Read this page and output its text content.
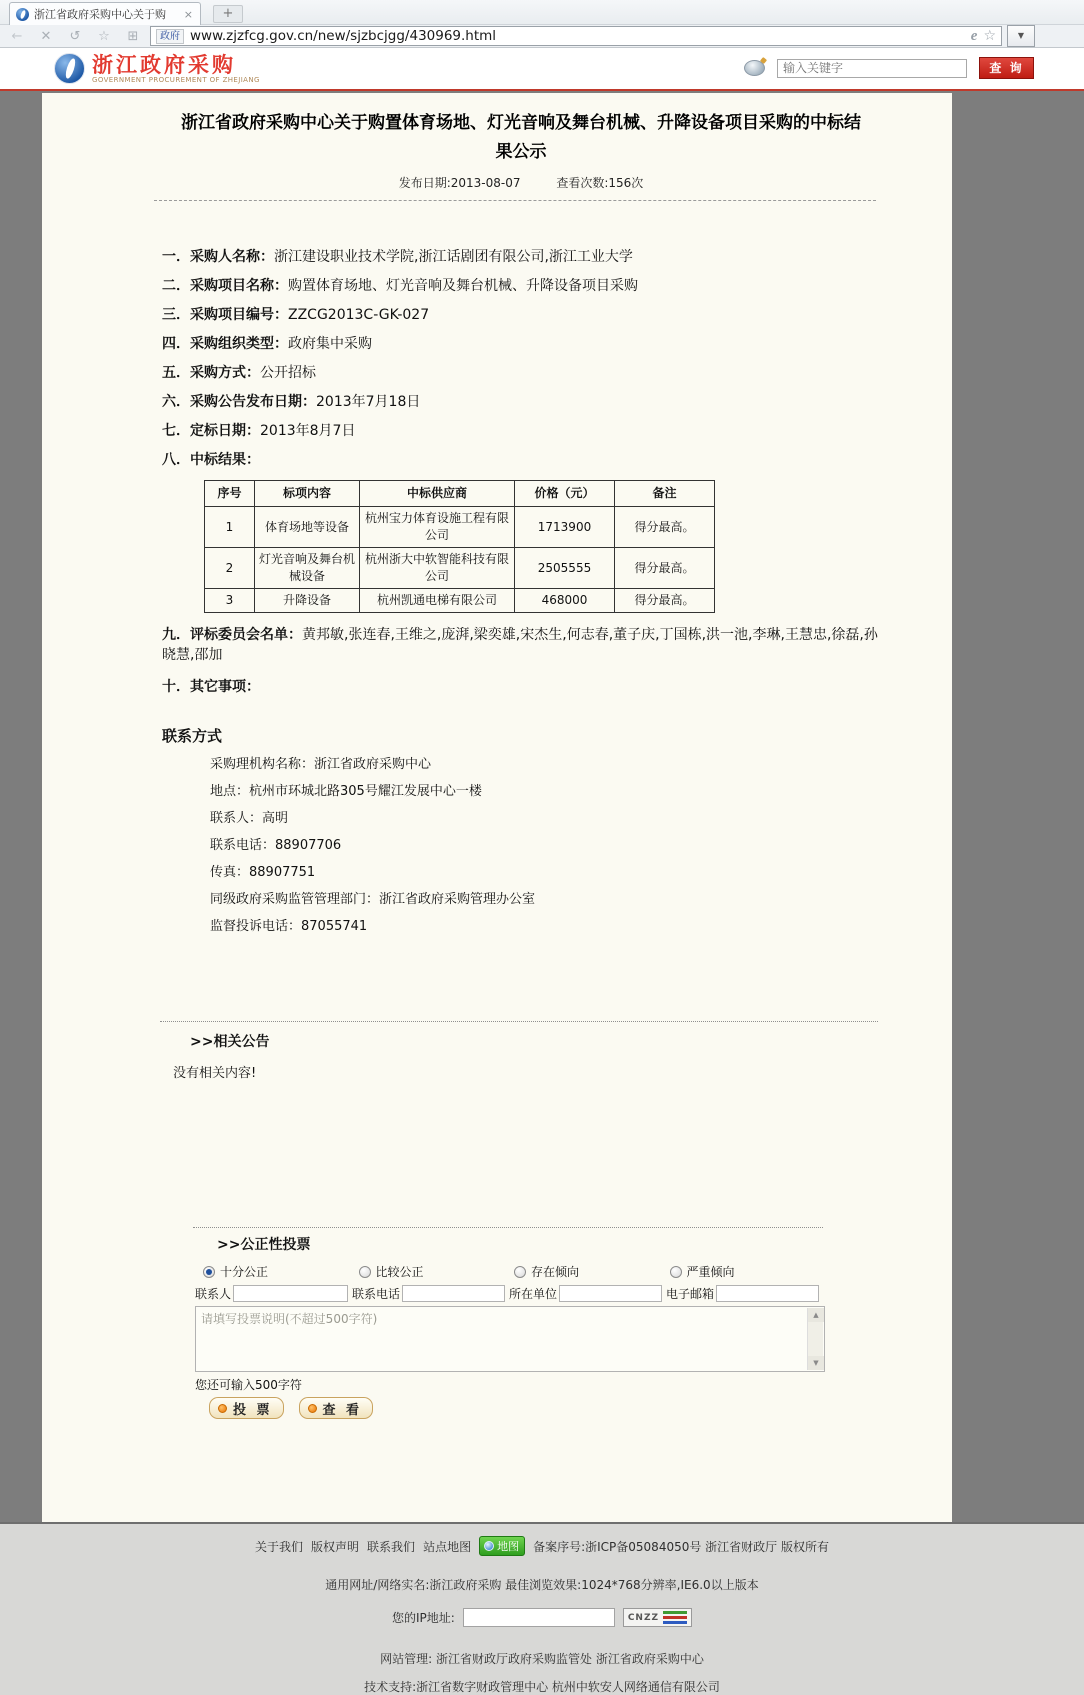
浙江省政府采购中心关于购	×	+
←	✕	↺	☆	⊞	政府 www.zjzfcg.gov.cn/new/sjzbcjgg/430969.html	e ☆	▼
浙江政府采购
GOVERNMENT PROCUREMENT OF ZHEJIANG
输入关键字
查 询
浙江省政府采购中心关于购置体育场地、灯光音响及舞台机械、升降设备项目采购的中标结果公示
发布日期:2013-08-07	查看次数:156次
一．采购人名称：浙江建设职业技术学院,浙江话剧团有限公司,浙江工业大学
二．采购项目名称：购置体育场地、灯光音响及舞台机械、升降设备项目采购
三．采购项目编号：ZZCG2013C-GK-027
四．采购组织类型：政府集中采购
五．采购方式：公开招标
六．采购公告发布日期：2013年7月18日
七．定标日期：2013年8月7日
八．中标结果：
序号	标项内容	中标供应商	价格（元）	备注
1	体育场地等设备	杭州宝力体育设施工程有限公司	1713900	得分最高。
2	灯光音响及舞台机械设备	杭州浙大中软智能科技有限公司	2505555	得分最高。
3	升降设备	杭州凯通电梯有限公司	468000	得分最高。
九．评标委员会名单：黄邦敏,张连春,王维之,庞湃,梁奕雄,宋杰生,何志春,董子庆,丁国栋,洪一池,李琳,王慧忠,徐磊,孙晓慧,邵加
十．其它事项：
联系方式
采购理机构名称：浙江省政府采购中心
地点：杭州市环城北路305号耀江发展中心一楼
联系人：高明
联系电话：88907706
传真：88907751
同级政府采购监管管理部门：浙江省政府采购管理办公室
监督投诉电话：87055741
>>相关公告
没有相关内容!
>>公正性投票
十分公正	比较公正	存在倾向	严重倾向
联系人	联系电话	所在单位	电子邮箱
请填写投票说明(不超过500字符)	▲
▼
您还可输入500字符
投 票	查 看
关于我们 版权声明 联系我们 站点地图 地图 备案序号:浙ICP备05084050号 浙江省财政厅 版权所有
通用网址/网络实名:浙江政府采购 最佳浏览效果:1024*768分辨率,IE6.0以上版本
您的IP地址:	CNZZ
网站管理: 浙江省财政厅政府采购监管处 浙江省政府采购中心
技术支持:浙江省数字财政管理中心 杭州中软安人网络通信有限公司
